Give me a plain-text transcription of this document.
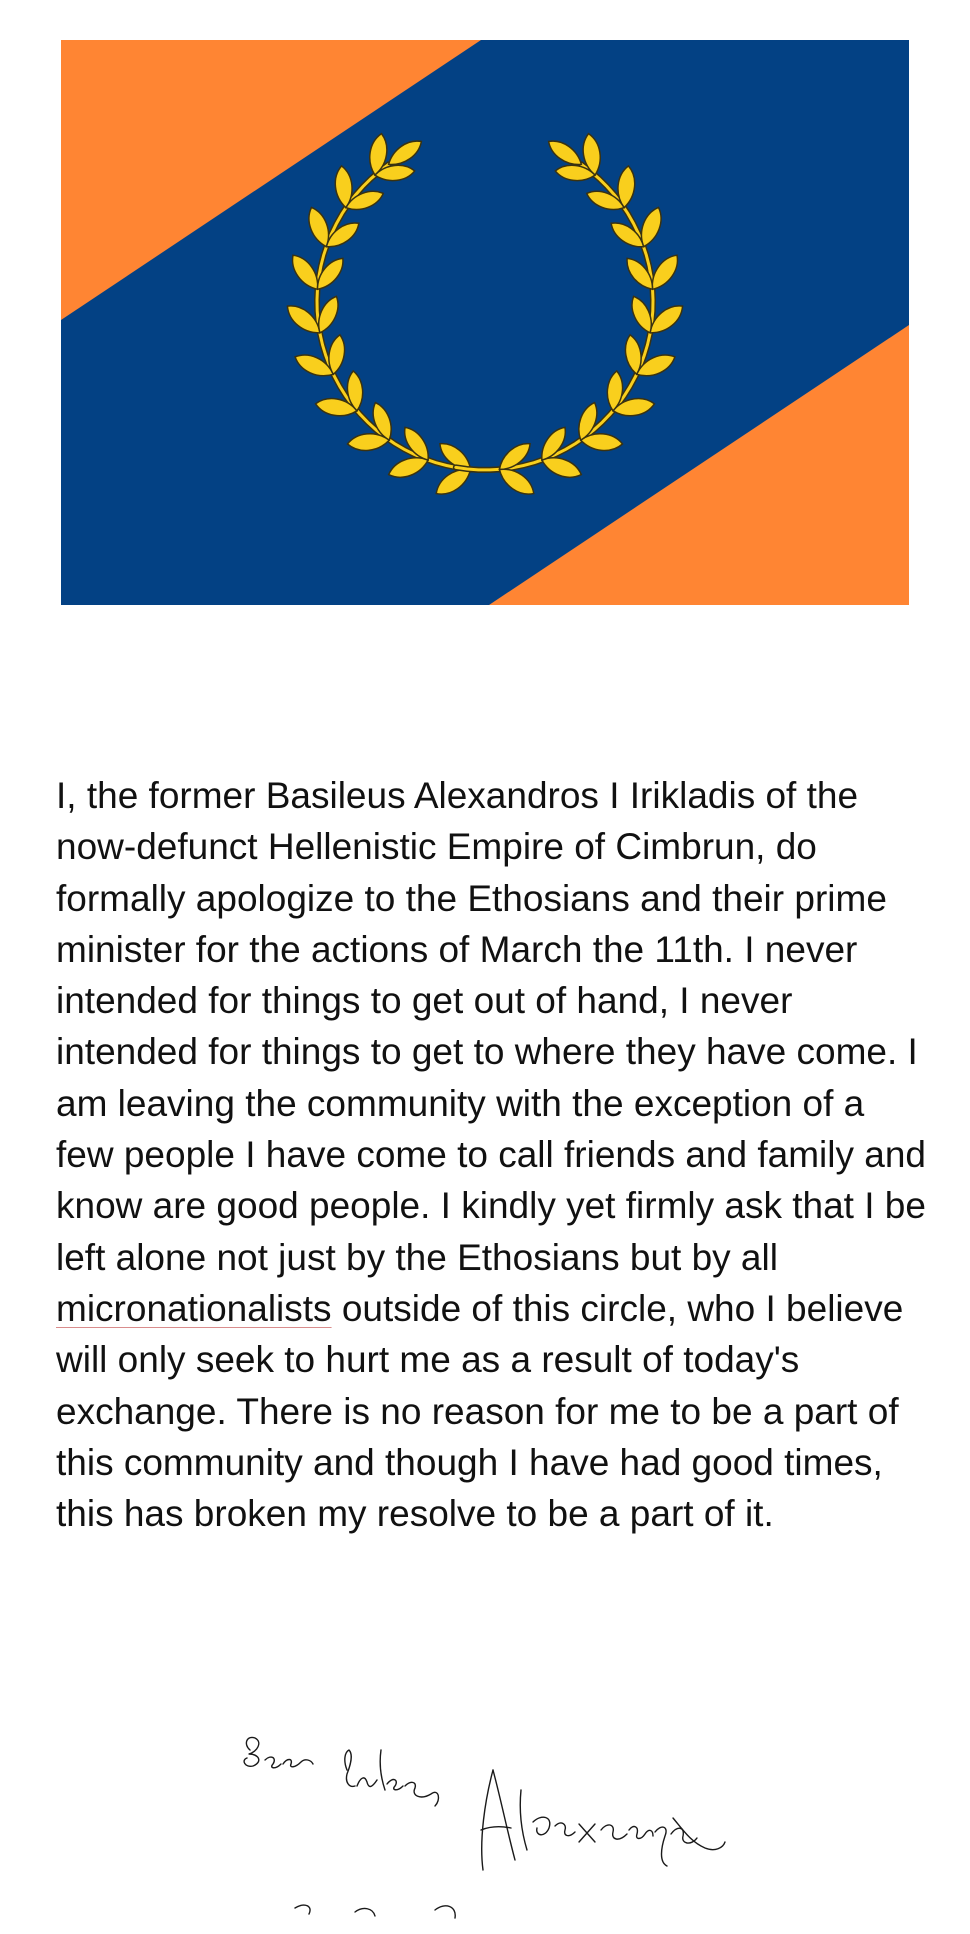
I, the former Basileus Alexandros I Irikladis of the now-defunct Hellenistic Empire of Cimbrun, do formally apologize to the Ethosians and their prime minister for the actions of March the 11th. I never intended for things to get out of hand, I never intended for things to get to where they have come. I am leaving the community with the exception of a few people I have come to call friends and family and know are good people. I kindly yet firmly ask that I be left alone not just by the Ethosians but by all micronationalists outside of this circle, who I believe will only seek to hurt me as a result of today's exchange. There is no reason for me to be a part of this community and though I have had good times, this has broken my resolve to be a part of it.
